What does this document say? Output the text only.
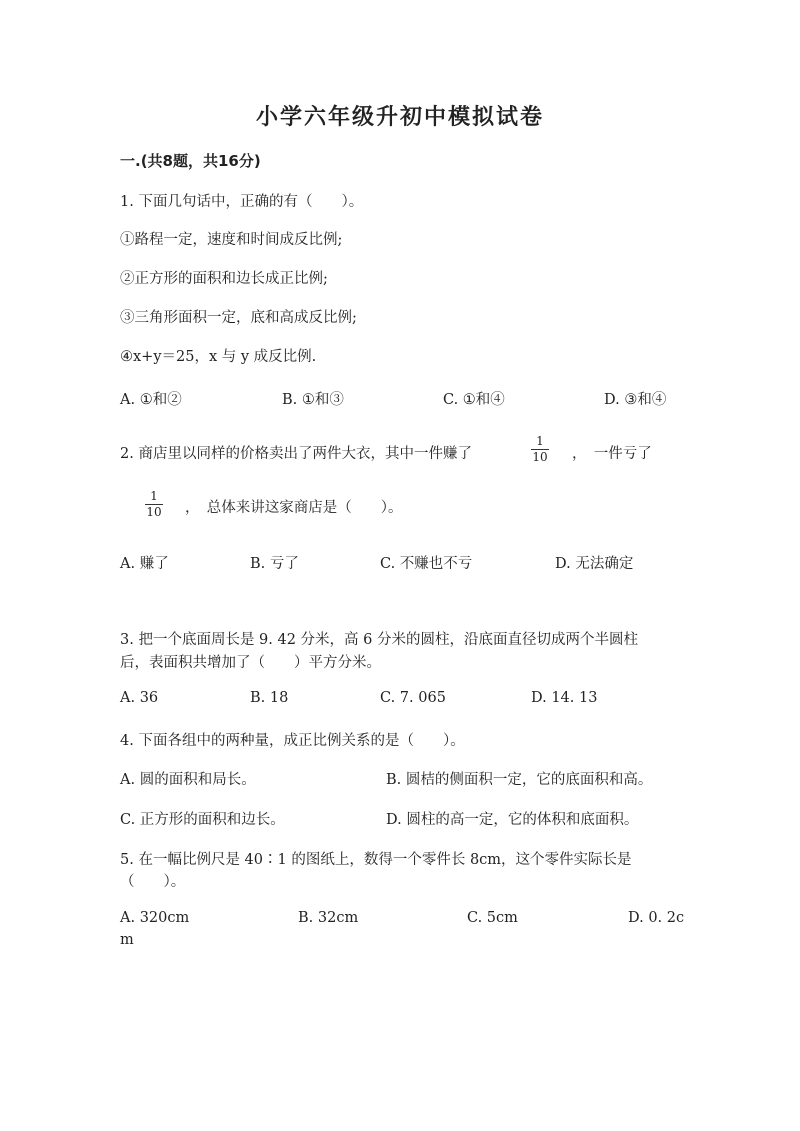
小学六年级升初中模拟试卷
一.(共8题，共16分)
1. 下面几句话中，正确的有（　　）。
①路程一定，速度和时间成反比例;
②正方形的面积和边长成正比例;
③三角形面积一定，底和高成反比例;
④x+y＝25，x 与 y 成反比例.
A. ①和②	B. ①和③	C. ①和④	D. ③和④
2. 商店里以同样的价格卖出了两件大衣，其中一件赚了
1
10 ，　一件亏了
1
10 ，　总体来讲这家商店是（　　）。
A. 赚了	B. 亏了	C. 不赚也不亏	D. 无法确定
3. 把一个底面周长是 9. 42 分米，高 6 分米的圆柱，沿底面直径切成两个半圆柱
后，表面积共增加了（　　）平方分米。
A. 36	B. 18	C. 7. 065	D. 14. 13
4. 下面各组中的两种量，成正比例关系的是（　　）。
A. 圆的面积和局长。	B. 圆桔的侧面积一定，它的底面积和高。
C. 正方形的面积和边长。	D. 圆柱的高一定，它的体积和底面积。
5. 在一幅比例尺是 40∶1 的图纸上，数得一个零件长 8cm，这个零件实际长是
（　　）。
A. 320cm	B. 32cm	C. 5cm	D. 0. 2c
m
